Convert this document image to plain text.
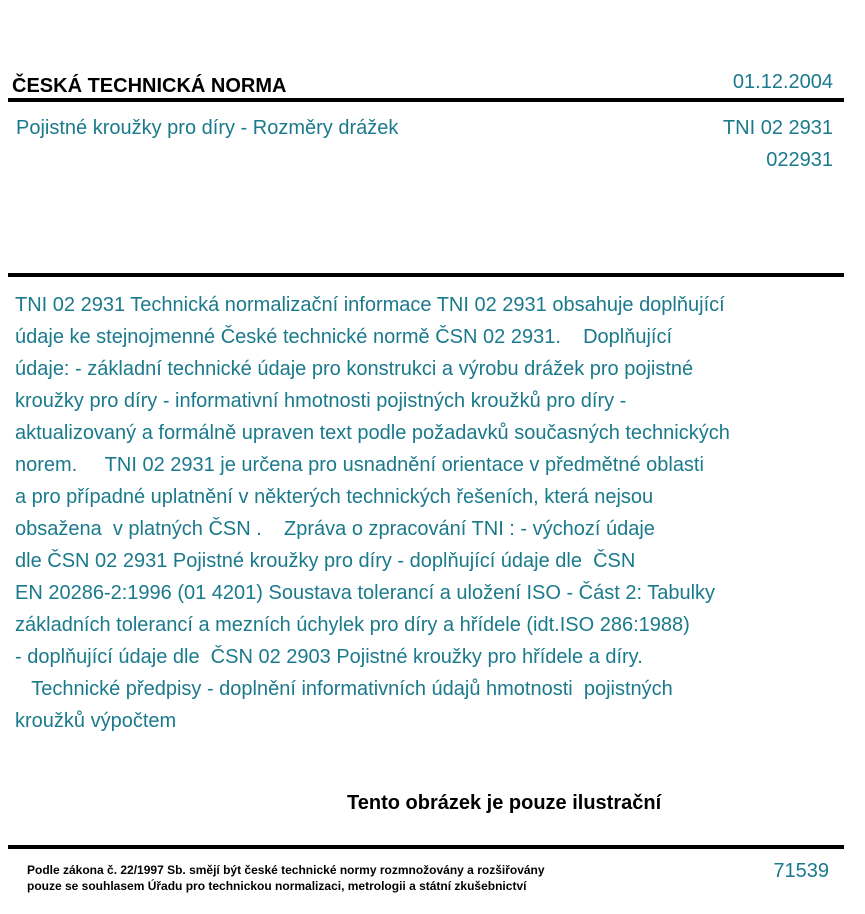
ČESKÁ TECHNICKÁ NORMA	01.12.2004
Pojistné kroužky pro díry - Rozměry drážek	TNI 02 2931
022931
TNI 02 2931 Technická normalizační informace TNI 02 2931 obsahuje doplňující
údaje ke stejnojmenné České technické normě ČSN 02 2931.    Doplňující
údaje: - základní technické údaje pro konstrukci a výrobu drážek pro pojistné
kroužky pro díry - informativní hmotnosti pojistných kroužků pro díry -
aktualizovaný a formálně upraven text podle požadavků současných technických
norem.     TNI 02 2931 je určena pro usnadnění orientace v předmětné oblasti
a pro případné uplatnění v některých technických řešeních, která nejsou
obsažena  v platných ČSN .    Zpráva o zpracování TNI : - výchozí údaje
dle ČSN 02 2931 Pojistné kroužky pro díry - doplňující údaje dle  ČSN
EN 20286-2:1996 (01 4201) Soustava tolerancí a uložení ISO - Část 2: Tabulky
základních tolerancí a mezních úchylek pro díry a hřídele (idt.ISO 286:1988)
- doplňující údaje dle  ČSN 02 2903 Pojistné kroužky pro hřídele a díry.
Technické předpisy - doplnění informativních údajů hmotnosti  pojistných
kroužků výpočtem
Tento obrázek je pouze ilustrační
Podle zákona č. 22/1997 Sb. smějí být české technické normy rozmnožovány a rozšiřovány
pouze se souhlasem Úřadu pro technickou normalizaci, metrologii a státní zkušebnictví
71539
